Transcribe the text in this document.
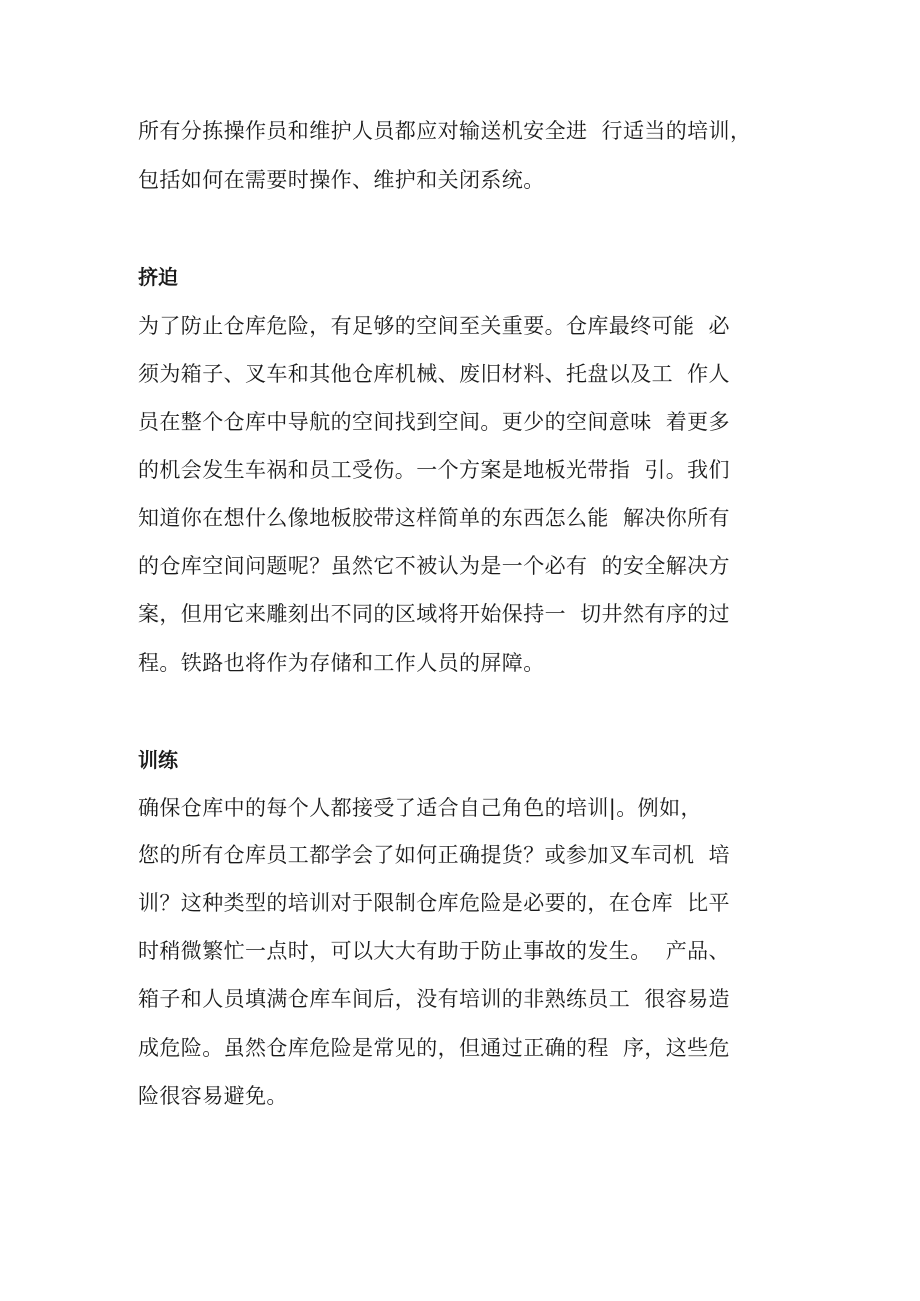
所有分拣操作员和维护人员都应对输送机安全进  行适当的培训，
包括如何在需要时操作、维护和关闭系统。
挤迫
为了防止仓库危险，有足够的空间至关重要。仓库最终可能  必
须为箱子、叉车和其他仓库机械、废旧材料、托盘以及工  作人
员在整个仓库中导航的空间找到空间。更少的空间意味  着更多
的机会发生车祸和员工受伤。一个方案是地板光带指  引。我们
知道你在想什么像地板胶带这样简单的东西怎么能  解决你所有
的仓库空间问题呢？虽然它不被认为是一个必有  的安全解决方
案，但用它来雕刻出不同的区域将开始保持一  切井然有序的过
程。铁路也将作为存储和工作人员的屏障。
训练
确保仓库中的每个人都接受了适合自己角色的培训|。例如，
您的所有仓库员工都学会了如何正确提货？或参加叉车司机  培
训？这种类型的培训对于限制仓库危险是必要的，在仓库  比平
时稍微繁忙一点时，可以大大有助于防止事故的发生。  产品、
箱子和人员填满仓库车间后，没有培训的非熟练员工  很容易造
成危险。虽然仓库危险是常见的，但通过正确的程  序，这些危
险很容易避免。
